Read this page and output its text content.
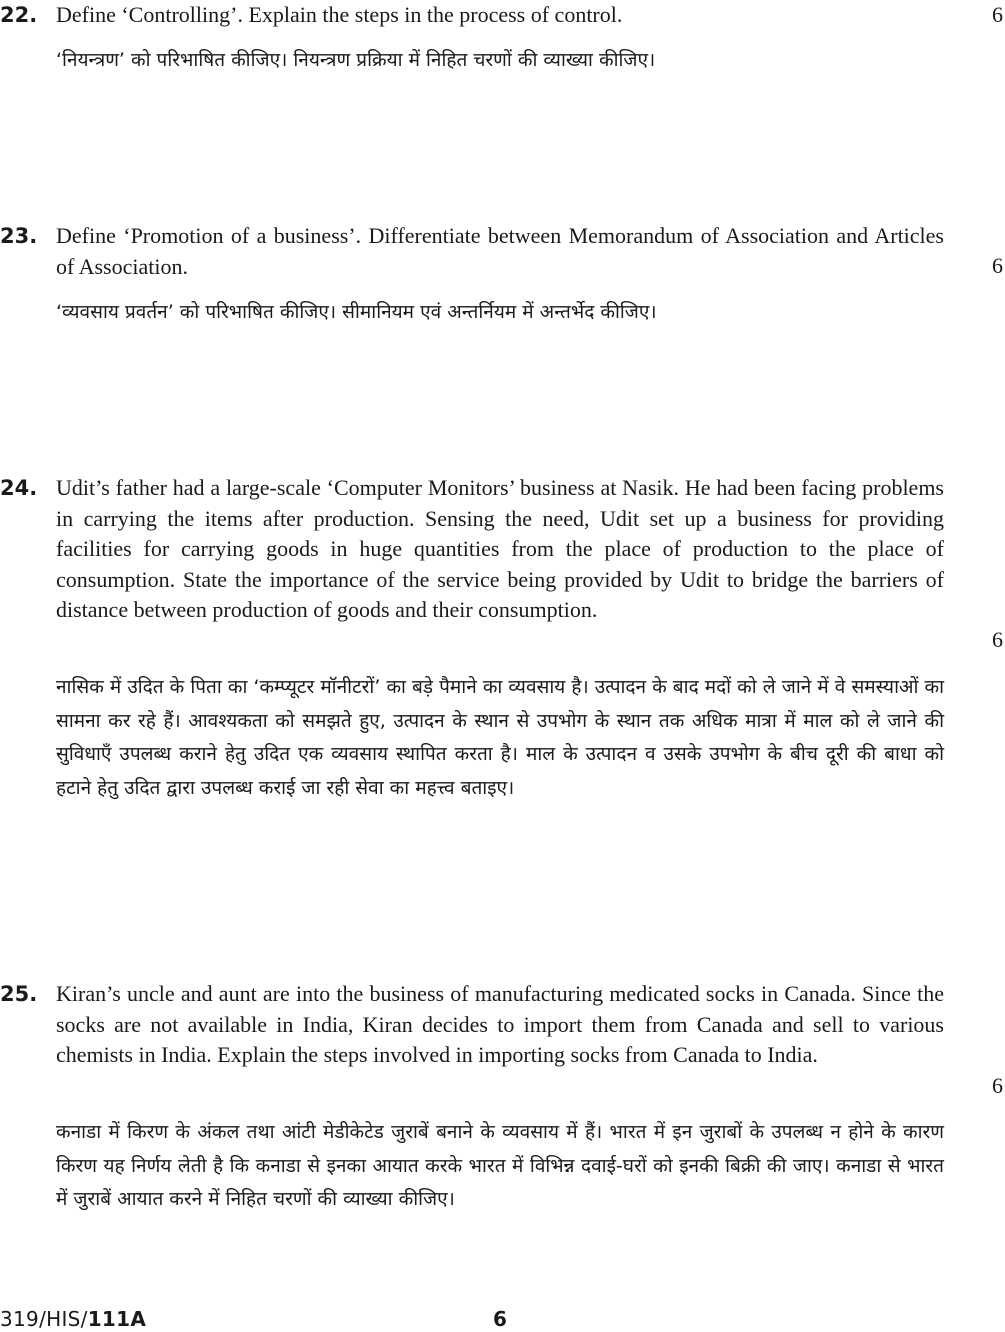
22. Define ‘Controlling’. Explain the steps in the process of control.	6
‘नियन्त्रण’ को परिभाषित कीजिए। नियन्त्रण प्रक्रिया में निहित चरणों की व्याख्या कीजिए।
23. Define ‘Promotion of a business’. Differentiate between Memorandum of Association and Articles of Association.	6
‘व्यवसाय प्रवर्तन’ को परिभाषित कीजिए। सीमानियम एवं अन्तर्नियम में अन्तर्भेद कीजिए।
24. Udit’s father had a large-scale ‘Computer Monitors’ business at Nasik. He had been facing problems in carrying the items after production. Sensing the need, Udit set up a business for providing facilities for carrying goods in huge quantities from the place of production to the place of consumption. State the importance of the service being provided by Udit to bridge the barriers of distance between production of goods and their consumption.
6
नासिक में उदित के पिता का ‘कम्प्यूटर मॉनीटरों’ का बड़े पैमाने का व्यवसाय है। उत्पादन के बाद मदों को ले जाने में वे समस्याओं का सामना कर रहे हैं। आवश्यकता को समझते हुए, उत्पादन के स्थान से उपभोग के स्थान तक अधिक मात्रा में माल को ले जाने की सुविधाएँ उपलब्ध कराने हेतु उदित एक व्यवसाय स्थापित करता है। माल के उत्पादन व उसके उपभोग के बीच दूरी की बाधा को हटाने हेतु उदित द्वारा उपलब्ध कराई जा रही सेवा का महत्त्व बताइए।
25. Kiran’s uncle and aunt are into the business of manufacturing medicated socks in Canada. Since the socks are not available in India, Kiran decides to import them from Canada and sell to various chemists in India. Explain the steps involved in importing socks from Canada to India.
6
कनाडा में किरण के अंकल तथा आंटी मेडीकेटेड जुराबें बनाने के व्यवसाय में हैं। भारत में इन जुराबों के उपलब्ध न होने के कारण किरण यह निर्णय लेती है कि कनाडा से इनका आयात करके भारत में विभिन्न दवाई-घरों को इनकी बिक्री की जाए। कनाडा से भारत में जुराबें आयात करने में निहित चरणों की व्याख्या कीजिए।
319/HIS/111A	6
